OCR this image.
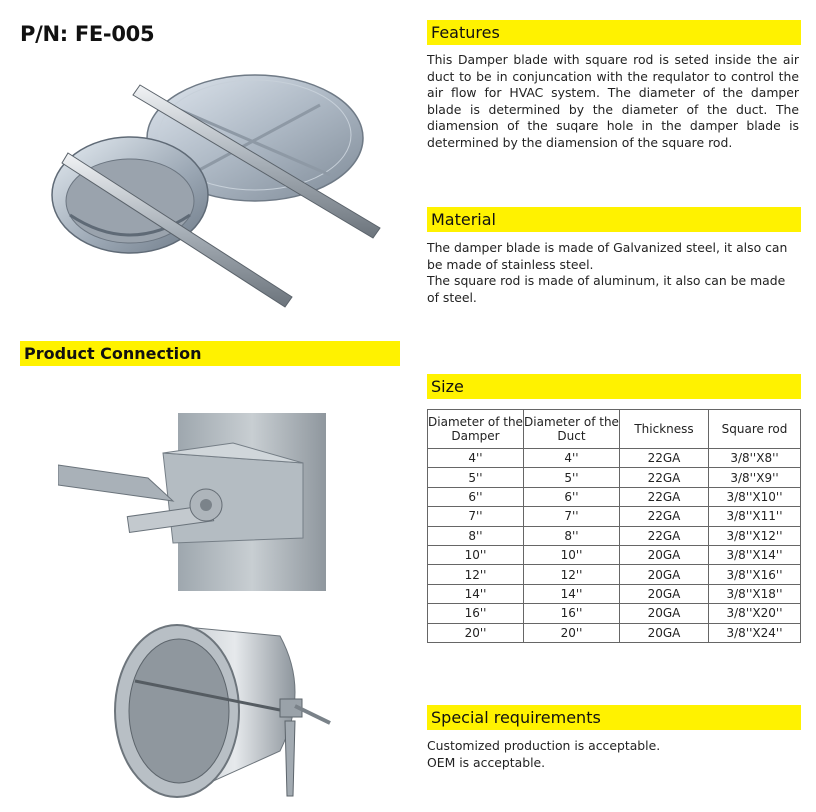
P/N: FE-005	Features
This Damper blade with square rod is seted inside the air duct to be in conjuncation with the requlator to control the air flow for HVAC system. The diameter of the damper blade is determined by the diameter of the duct. The diamension of the suqare hole in the damper blade is determined by the diamension of the square rod.
Material

The damper blade is made of Galvanized steel, it also can be made of stainless steel.

The square rod is made of aluminum, it also can be made of steel.

Product Connection
Size
Diameter of the Damper	Diameter of the Duct	Thickness	Square rod
4''	4''	22GA	3/8''X8''
5''	5''	22GA	3/8''X9''
6''	6''	22GA	3/8''X10''
7''	7''	22GA	3/8''X11''
8''	8''	22GA	3/8''X12''
10''	10''	20GA	3/8''X14''
12''	12''	20GA	3/8''X16''
14''	14''	20GA	3/8''X18''
16''	16''	20GA	3/8''X20''
20''	20''	20GA	3/8''X24''
Special requirements

Customized production is acceptable.

OEM is acceptable.
